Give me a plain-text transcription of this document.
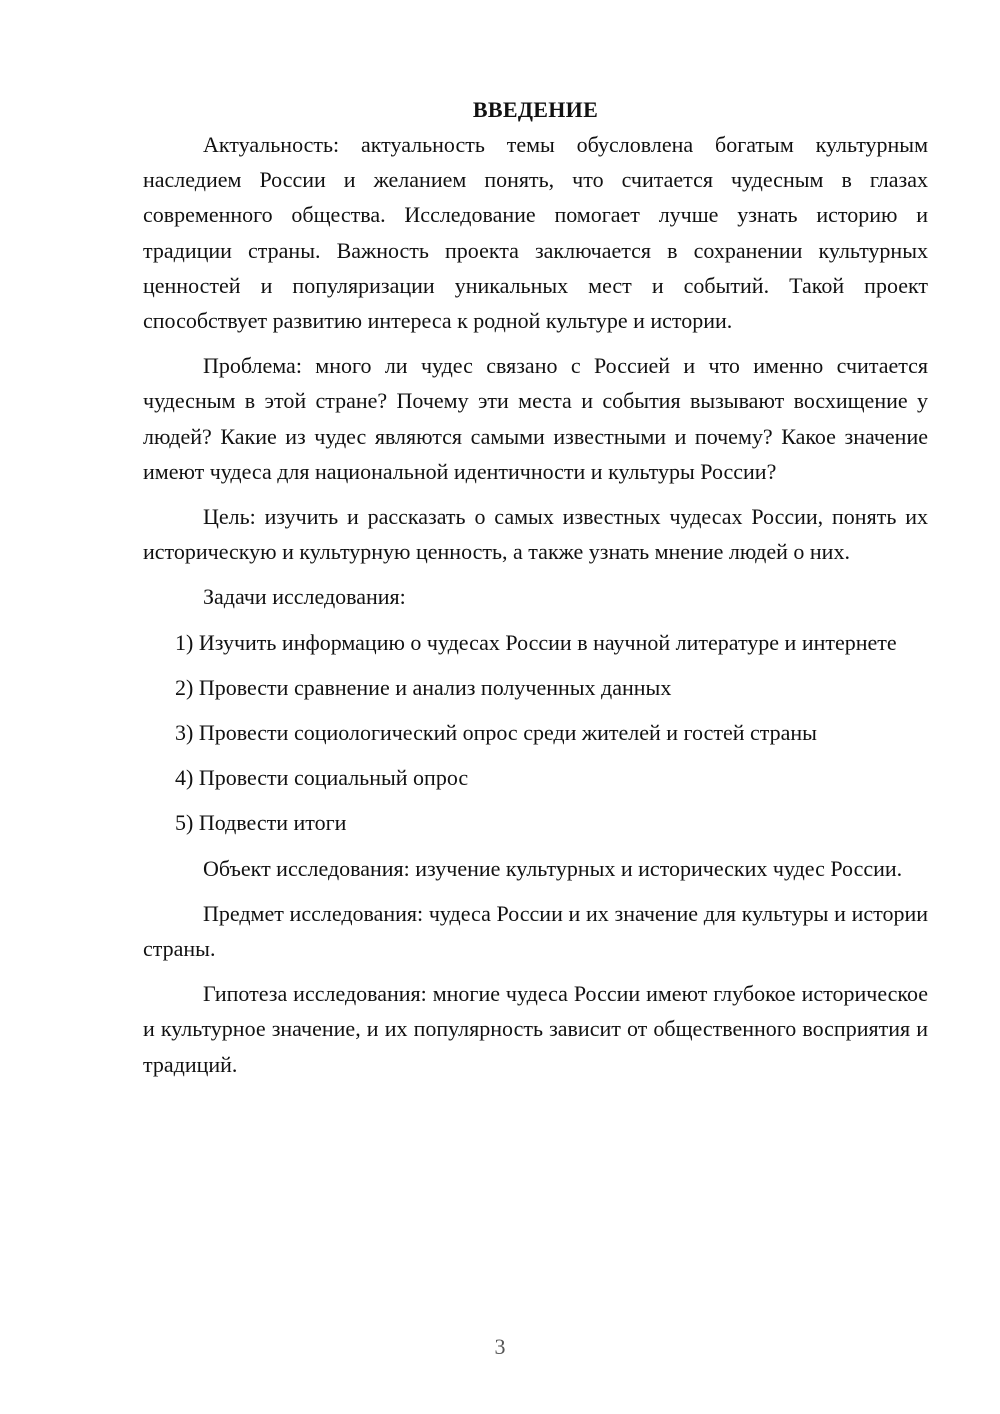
ВВЕДЕНИЕ

Актуальность: актуальность темы обусловлена богатым культурным наследием России и желанием понять, что считается чудесным в глазах современного общества. Исследование помогает лучше узнать историю и традиции страны. Важность проекта заключается в сохранении культурных ценностей и популяризации уникальных мест и событий. Такой проект способствует развитию интереса к родной культуре и истории.

Проблема: много ли чудес связано с Россией и что именно считается чудесным в этой стране? Почему эти места и события вызывают восхищение у людей? Какие из чудес являются самыми известными и почему? Какое значение имеют чудеса для национальной идентичности и культуры России?

Цель: изучить и рассказать о самых известных чудесах России, понять их историческую и культурную ценность, а также узнать мнение людей о них.

Задачи исследования:

1) Изучить информацию о чудесах России в научной литературе и интернете

2) Провести сравнение и анализ полученных данных

3) Провести социологический опрос среди жителей и гостей страны

4) Провести социальный опрос

5) Подвести итоги

Объект исследования: изучение культурных и исторических чудес России.

Предмет исследования: чудеса России и их значение для культуры и истории страны.

Гипотеза исследования: многие чудеса России имеют глубокое историческое и культурное значение, и их популярность зависит от общественного восприятия и традиций.

3
